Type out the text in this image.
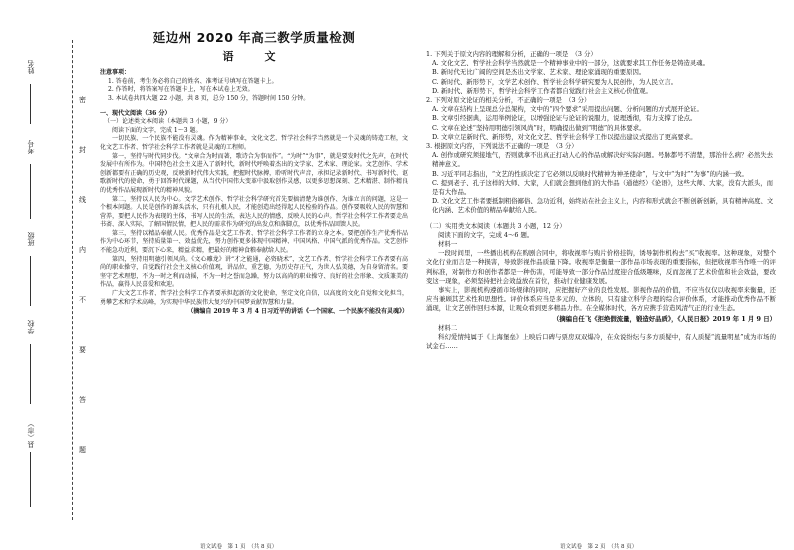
姓名
考号
班级
学校
县（市）
密
封
线
内
不
要
答
题
延边州 2020 年高三教学质量检测
语　文
注意事项：

1. 答卷前，考生务必将自己的姓名、准考证号填写在答题卡上。

2. 作答时，将答案写在答题卡上，写在本试卷上无效。

3. 本试卷共四大题 22 小题，共 8 页，总分 150 分，答题时间 150 分钟。

一、现代文阅读（36 分）
（一）论述类文本阅读（本题共 3 小题，9 分）
阅读下面的文字，完成 1～3 题。

一切民族、一个民族不能没有灵魂。作为精神事业，文化文艺、哲学社会科学当然就是一个灵魂的铸造工程，文化文艺工作者、哲学社会科学工作者就是灵魂的工程师。

第一，坚持与时代同步伐。“文章合为时而著，歌诗合为事而作”。“为时”“为事”，就是要发时代之先声，在时代发展中有所作为。中国特色社会主义进入了新时代，新时代呼唤着杰出的文学家、艺术家、理论家。文艺创作、学术创新都要有正确的历史观，反映新时代伟大实践，把握时代脉搏，聆听时代声音，承担记录新时代、书写新时代、讴歌新时代的使命，勇于回答时代课题，从当代中国伟大变革中汲取创作灵感，以更多思想深刻、艺术精湛、制作精良的优秀作品展现新时代的精神风貌。

第二，坚持以人民为中心。文学艺术创作、哲学社会科学研究首先要搞清楚为谁创作、为谁立言的问题，这是一个根本问题。人民是创作的源头活水，只有扎根人民，才能创造出经得起人民检验的作品。创作要吸收人民的智慧和营养，要把人民作为表现的主体，书写人民的生活，表达人民的情感，反映人民的心声。哲学社会科学工作者要走出书斋、深入实际，了解国情民情，把人民的需求作为研究的出发点和落脚点，以优秀作品回馈人民。

第三，坚持以精品奉献人民。优秀作品是文艺工作者、哲学社会科学工作者的立身之本。要把创作生产优秀作品作为中心环节，坚持质量第一、效益优先，努力创作更多体现中国精神、中国风格、中国气派的优秀作品。文艺创作不能急功近利，要沉下心来，精益求精，把最好的精神食粮奉献给人民。

第四，坚持用明德引领风尚。《文心雕龙》讲“才之能通，必资晓术”，文艺工作者、哲学社会科学工作者要有高尚的职业操守，自觉践行社会主义核心价值观，讲品位，重艺德，为历史存正气，为世人弘美德，为自身留清名。要坚守艺术理想，不为一时之利而动摇，不为一时之誉而急躁，努力以高尚的职业操守、良好的社会形象、文质兼美的作品，赢得人民喜爱和欢迎。

广大文艺工作者、哲学社会科学工作者要承担起新的文化使命，坚定文化自信，以高度的文化自觉和文化担当，勇攀艺术和学术高峰，为实现中华民族伟大复兴的中国梦贡献智慧和力量。

（摘编自 2019 年 3 月 4 日习近平的讲话《一个国家、一个民族不能没有灵魂》）

1. 下列关于原文内容的理解和分析，正确的一项是　（3 分）

A. 文化文艺、哲学社会科学当然就是一个精神事业中的一部分，这就要求其工作任务是铸造灵魂。

B. 新时代无比广阔的空间是杰出文学家、艺术家、理论家涌现的重要原因。

C. 新时代、新形势下，文学艺术创作、哲学社会科学研究要为人民创作，为人民立言。

D. 新时代、新形势下，哲学社会科学工作者都自觉践行社会主义核心价值观。

2. 下列对原文论证的相关分析，不正确的一项是　（3 分）

A. 文章在结构上呈现总分总架构，文中的“四个要求”采用提出问题、分析问题的方式展开论证。

B. 文章引经据典，运用举例论证，以增强论证与论证的说服力，说理透彻，有力支撑了论点。

C. 文章在论述“坚持用明德引领风尚”时，明确提出做到“明德”的具体要求。

D. 文章立足新时代、新形势，对文化文艺、哲学社会科学工作以提出建议式提出了更高要求。

3. 根据原文内容，下列说法不正确的一项是　（3 分）

A. 创作或研究须接地气，否则就拿不出真正打动人心的作品或解决好实际问题。号脉都号不清楚，那治什么病？必然失去精神意义。

B. 习近平同志指出，“文艺的性质决定了它必须以反映时代精神为神圣使命”，与文中“为时”“为事”的内涵一致。

C. 提到老子、孔子这样的大师、大家，人们就会想到他们的大作品（通德经）《论语》，这些大师、大家，没有大派头，而是有大作品。

D. 文化文艺工作者要抵制粗俗鄙俗、急功近利，始终站在社会主义上，内容和形式就会不断创新创新，具有精神高度、文化内涵、艺术价值的精品奉献给人民。

（二）实用类文本阅读（本题共 3 小题，12 分）
阅读下面的文字，完成 4～6 题。
材料一

一段时间里，一些播出机构在购剧合同中，将收视率与购片价格挂钩，诱导制作机构去“买”收视率。这种现象，对整个文化行业而言是一种损害，导致影视作品质量下降。收视率是衡量一部作品市场表现的重要指标，但把收视率当作唯一的评判标准，对制作方和创作者都是一种伤害，可能导致一部分作品过度迎合低级趣味，反而忽视了艺术价值和社会效益，要改变这一现象，必须坚持把社会效益放在首位，推动行业健康发展。

事实上，影视机构遵循市场规律的同时，应把握好产业的良性发展。影视作品的价值，不应当仅仅以收视率来衡量，还应当兼顾其艺术性和思想性。评价体系应当是多元的、立体的，只有建立科学合理的综合评价体系，才能推动优秀作品不断涌现，让文艺创作回归本源，让观众看到更多精品力作。在全媒体时代，各方应携手营造风清气正的行业生态。

（摘编自任飞《拒绝假流量，锻造好品质》，《人民日报》2019 年 1 月 9 日）
材料二

科幻爱情纯属于《上海堡垒》上映后口碑与票房双双爆冷，在众说纷纭与多方质疑中，有人质疑“流量明星”成为市场的试金石……

语文试卷　第 1 页　（共 8 页）	语文试卷　第 2 页　（共 8 页）
